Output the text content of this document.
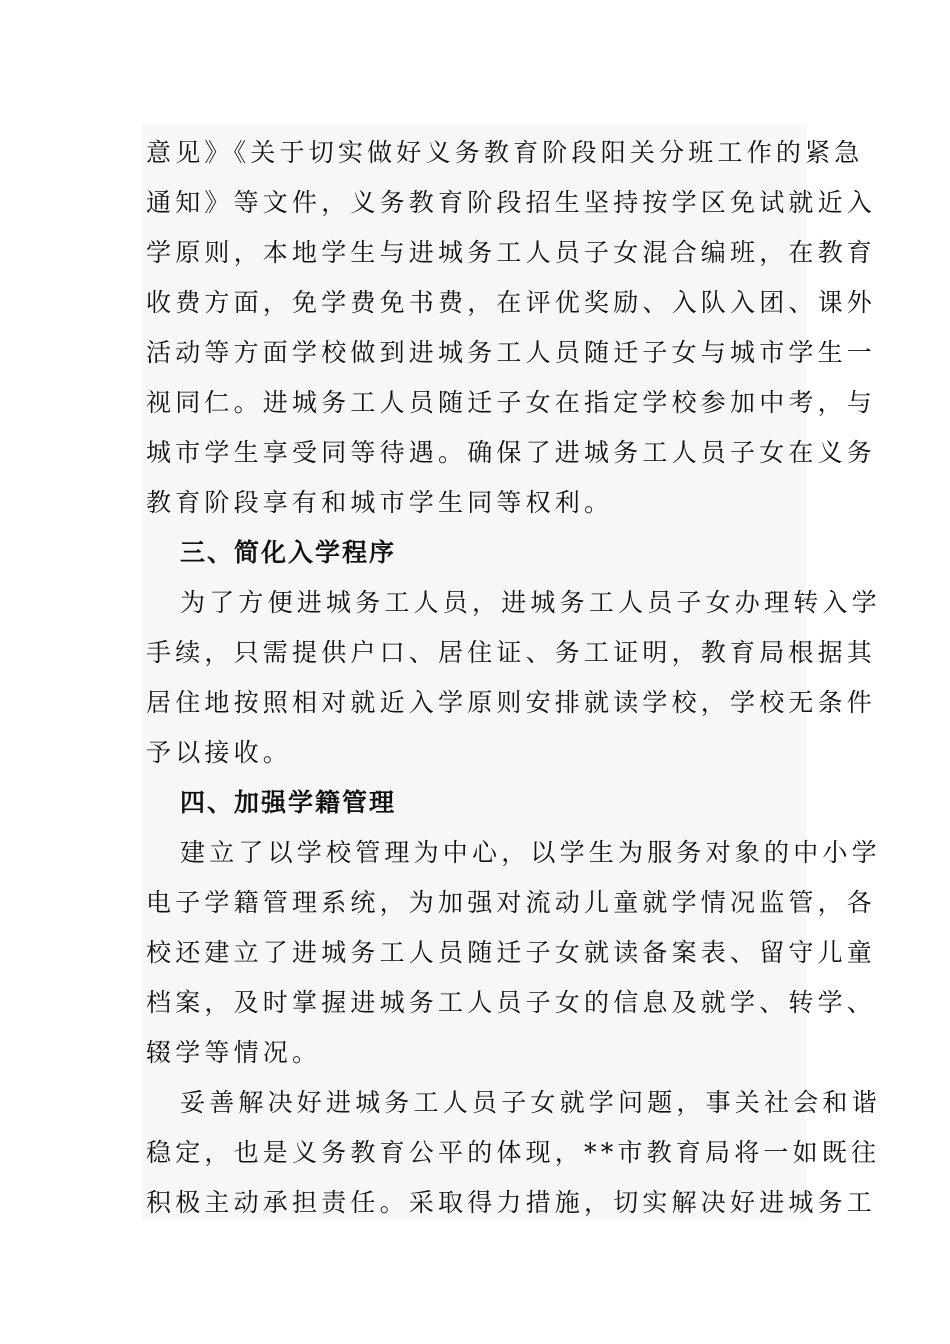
意见》《关于切实做好义务教育阶段阳关分班工作的紧急
通知》等文件，义务教育阶段招生坚持按学区免试就近入
学原则，本地学生与进城务工人员子女混合编班，在教育
收费方面，免学费免书费，在评优奖励、入队入团、课外
活动等方面学校做到进城务工人员随迁子女与城市学生一
视同仁。进城务工人员随迁子女在指定学校参加中考，与
城市学生享受同等待遇。确保了进城务工人员子女在义务
教育阶段享有和城市学生同等权利。
三、简化入学程序
为了方便进城务工人员，进城务工人员子女办理转入学
手续，只需提供户口、居住证、务工证明，教育局根据其
居住地按照相对就近入学原则安排就读学校，学校无条件
予以接收。
四、加强学籍管理
建立了以学校管理为中心，以学生为服务对象的中小学
电子学籍管理系统，为加强对流动儿童就学情况监管，各
校还建立了进城务工人员随迁子女就读备案表、留守儿童
档案，及时掌握进城务工人员子女的信息及就学、转学、
辍学等情况。
妥善解决好进城务工人员子女就学问题，事关社会和谐
稳定，也是义务教育公平的体现，**市教育局将一如既往
积极主动承担责任。采取得力措施，切实解决好进城务工
